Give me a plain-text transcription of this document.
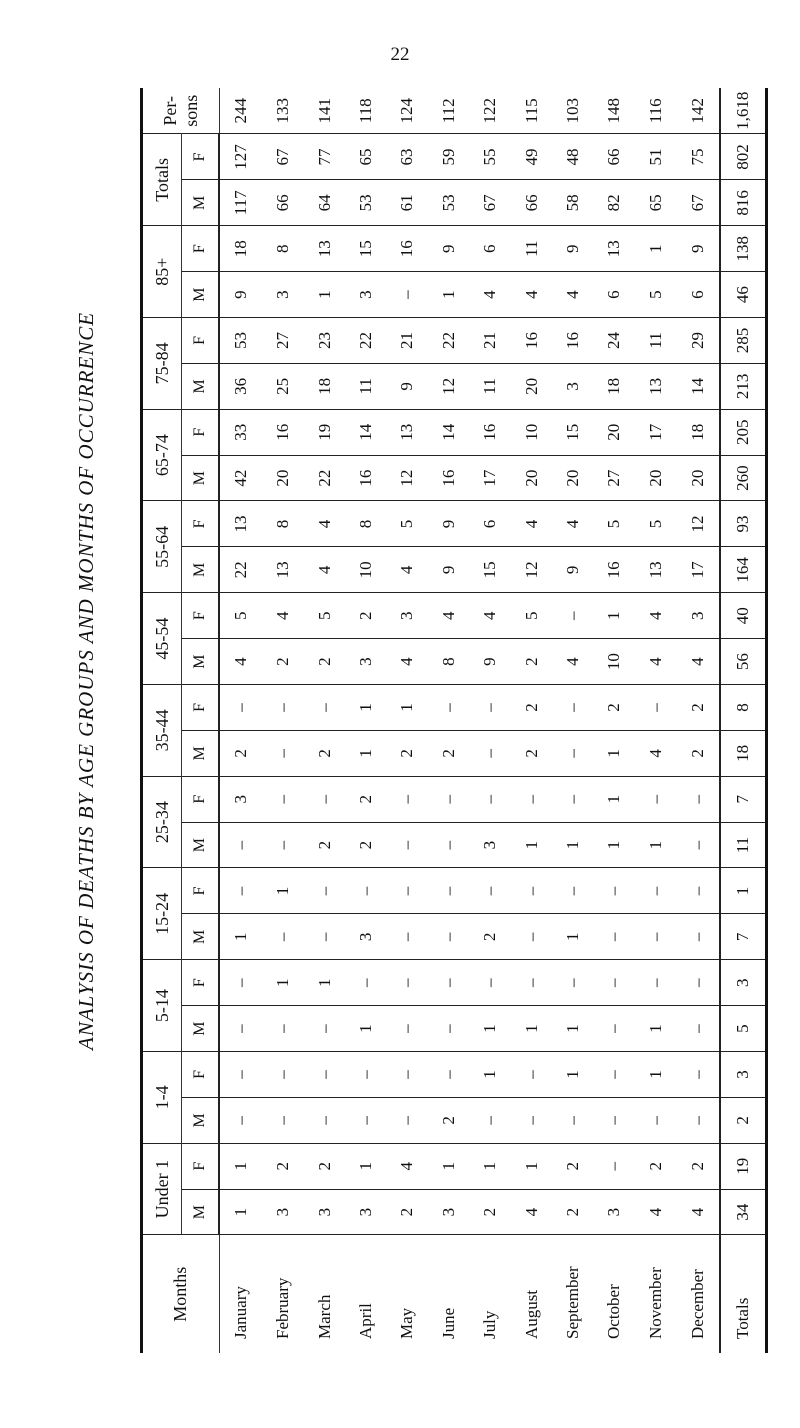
22
ANALYSIS OF DEATHS BY AGE GROUPS AND MONTHS OF OCCURRENCE
Months	Under 1		1-4		5-14		15-24		25-34		35-44		45-54		55-64		65-74		75-84		85+		Totals		Per- sons
	M	F	M	F	M	F	M	F	M	F	M	F	M	F	M	F	M	F	M	F	M	F	M	F	
January	1	1	–	–	–	–	1	–	–	3	2	–	4	5	22	13	42	33	36	53	9	18	117	127	244
February	3	2	–	–	–	1	–	1	–	–	–	–	2	4	13	8	20	16	25	27	3	8	66	67	133
March	3	2	–	–	–	1	–	–	2	–	2	–	2	5	4	4	22	19	18	23	1	13	64	77	141
April	3	1	–	–	1	–	3	–	2	2	1	1	3	2	10	8	16	14	11	22	3	15	53	65	118
May	2	4	–	–	–	–	–	–	–	–	2	1	4	3	4	5	12	13	9	21	–	16	61	63	124
June	3	1	2	–	–	–	–	–	–	–	2	–	8	4	9	9	16	14	12	22	1	9	53	59	112
July	2	1	–	1	1	–	2	–	3	–	–	–	9	4	15	6	17	16	11	21	4	6	67	55	122
August	4	1	–	–	1	–	–	–	1	–	2	2	2	5	12	4	20	10	20	16	4	11	66	49	115
September	2	2	–	1	1	–	1	–	1	–	–	–	4	–	9	4	20	15	3	16	4	9	58	48	103
October	3	–	–	–	–	–	–	–	1	1	1	2	10	1	16	5	27	20	18	24	6	13	82	66	148
November	4	2	–	1	1	–	–	–	1	–	4	–	4	4	13	5	20	17	13	11	5	1	65	51	116
December	4	2	–	–	–	–	–	–	–	–	2	2	4	3	17	12	20	18	14	29	6	9	67	75	142
Totals	34	19	2	3	5	3	7	1	11	7	18	8	56	40	164	93	260	205	213	285	46	138	816	802	1,618
